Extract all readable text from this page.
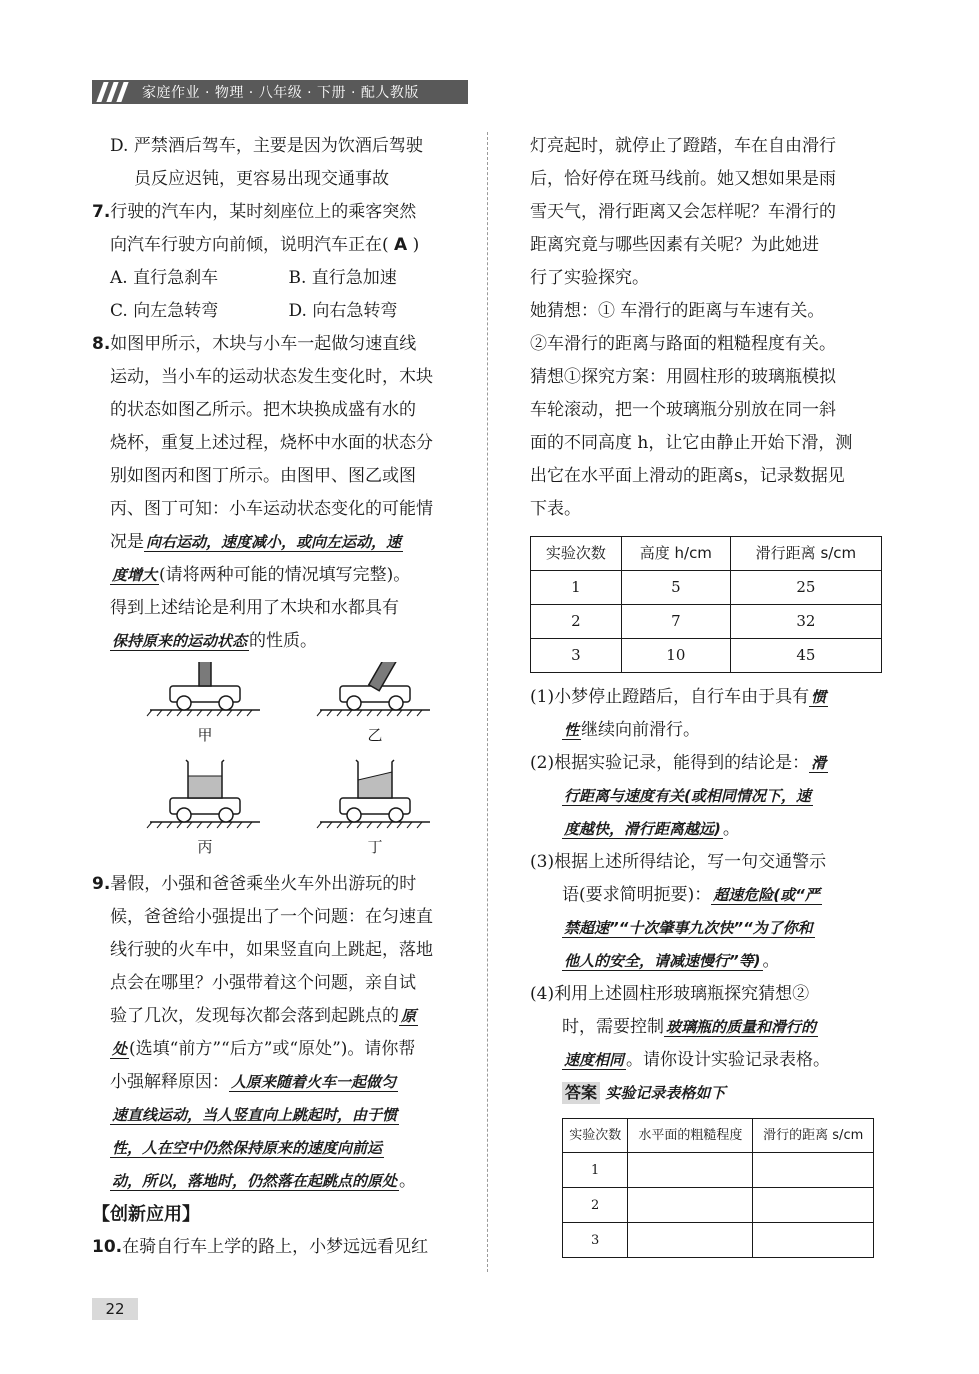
家庭作业 · 物理 · 八年级 · 下册 · 配人教版

D. 严禁酒后驾车，主要是因为饮酒后驾驶

员反应迟钝，更容易出现交通事故

7.行驶的汽车内，某时刻座位上的乘客突然

向汽车行驶方向前倾，说明汽车正在( A )

A. 直行急刹车	B. 直行急加速
C. 向左急转弯	D. 向右急转弯

8.如图甲所示，木块与小车一起做匀速直线

运动，当小车的运动状态发生变化时，木块

的状态如图乙所示。把木块换成盛有水的

烧杯，重复上述过程，烧杯中水面的状态分

别如图丙和图丁所示。由图甲、图乙或图

丙、图丁可知：小车运动状态变化的可能情

况是 向右运动，速度减小，或向左运动，速

度增大 (请将两种可能的情况填写完整)。

得到上述结论是利用了木块和水都具有

保持原来的运动状态 的性质。

甲	乙
丙	丁

9.暑假，小强和爸爸乘坐火车外出游玩的时

候，爸爸给小强提出了一个问题：在匀速直

线行驶的火车中，如果竖直向上跳起，落地

点会在哪里？小强带着这个问题，亲自试

验了几次，发现每次都会落到起跳点的 原

处 (选填“前方”“后方”或“原处”)。请你帮

小强解释原因： 人原来随着火车一起做匀

速直线运动，当人竖直向上跳起时，由于惯

性，人在空中仍然保持原来的速度向前运

动，所以，落地时，仍然落在起跳点的原处 。

【创新应用】

10.在骑自行车上学的路上，小梦远远看见红

灯亮起时，就停止了蹬踏，车在自由滑行

后，恰好停在斑马线前。她又想如果是雨

雪天气，滑行距离又会怎样呢？车滑行的

距离究竟与哪些因素有关呢？为此她进

行了实验探究。

她猜想：① 车滑行的距离与车速有关。

②车滑行的距离与路面的粗糙程度有关。

猜想①探究方案：用圆柱形的玻璃瓶模拟

车轮滚动，把一个玻璃瓶分别放在同一斜

面的不同高度 h，让它由静止开始下滑，测

出它在水平面上滑动的距离s，记录数据见

下表。

实验次数	高度 h/cm	滑行距离 s/cm
1	5	25
2	7	32
3	10	45

(1)小梦停止蹬踏后，自行车由于具有 惯

性 继续向前滑行。

(2)根据实验记录，能得到的结论是： 滑

行距离与速度有关(或相同情况下，速

度越快，滑行距离越远) 。

(3)根据上述所得结论，写一句交通警示

语(要求简明扼要)： 超速危险(或“严

禁超速”“十次肇事九次快”“为了你和

他人的安全，请减速慢行”等) 。

(4)利用上述圆柱形玻璃瓶探究猜想②

时，需要控制 玻璃瓶的质量和滑行的

速度相同 。请你设计实验记录表格。

答案 实验记录表格如下

实验次数	水平面的粗糙程度	滑行的距离 s/cm
1		
2		
3		
22
